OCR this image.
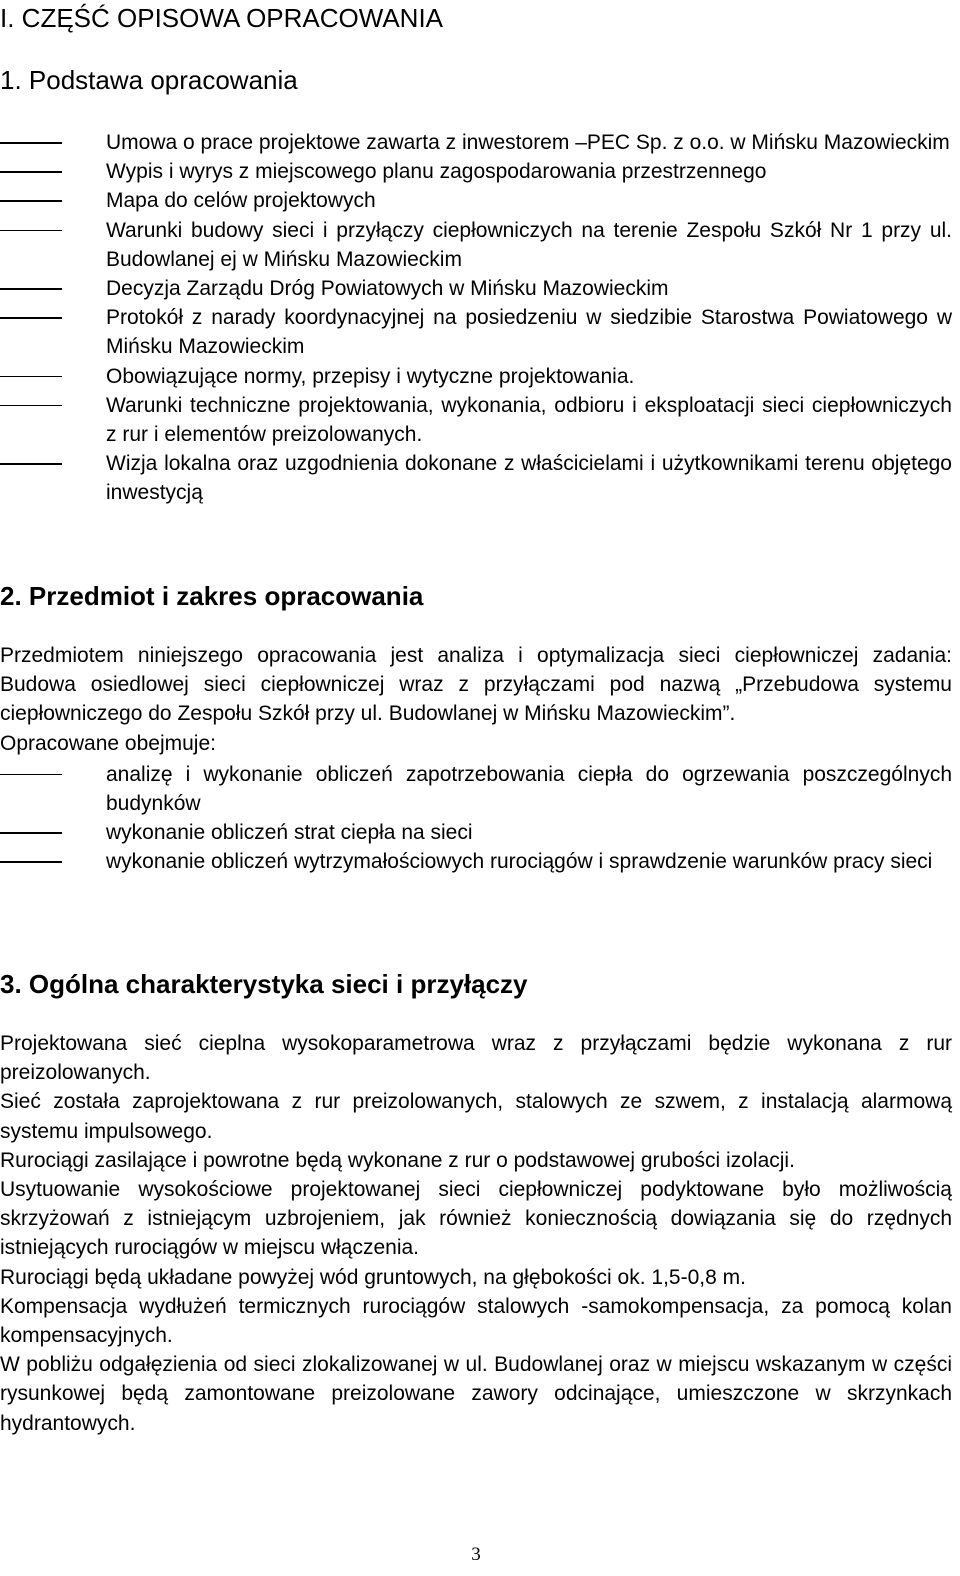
I. CZĘŚĆ OPISOWA OPRACOWANIA
1. Podstawa opracowania
Umowa o prace projektowe zawarta z inwestorem –PEC Sp. z o.o. w Mińsku Mazowieckim
Wypis i wyrys z miejscowego planu zagospodarowania przestrzennego
Mapa do celów projektowych
Warunki budowy sieci i przyłączy ciepłowniczych na terenie Zespołu Szkół Nr 1 przy ul. Budowlanej ej w Mińsku Mazowieckim
Decyzja Zarządu Dróg Powiatowych w Mińsku Mazowieckim
Protokół z narady koordynacyjnej na posiedzeniu w siedzibie Starostwa Powiatowego w Mińsku Mazowieckim
Obowiązujące normy, przepisy i wytyczne projektowania.
Warunki techniczne projektowania, wykonania, odbioru i eksploatacji sieci ciepłowniczych z rur i elementów preizolowanych.
Wizja lokalna oraz uzgodnienia dokonane z właścicielami i użytkownikami terenu objętego inwestycją
2. Przedmiot i zakres opracowania

Przedmiotem niniejszego opracowania jest analiza i optymalizacja sieci ciepłowniczej zadania: Budowa osiedlowej sieci ciepłowniczej wraz z przyłączami pod nazwą „Przebudowa systemu ciepłowniczego do Zespołu Szkół przy ul. Budowlanej w Mińsku Mazowieckim”.

Opracowane obejmuje:

analizę i wykonanie obliczeń zapotrzebowania ciepła do ogrzewania poszczególnych budynków
wykonanie obliczeń strat ciepła na sieci
wykonanie obliczeń wytrzymałościowych rurociągów i sprawdzenie warunków pracy sieci
3. Ogólna charakterystyka sieci i przyłączy

Projektowana sieć cieplna wysokoparametrowa wraz z przyłączami będzie wykonana z rur preizolowanych.

Sieć została zaprojektowana z rur preizolowanych, stalowych ze szwem, z instalacją alarmową systemu impulsowego.

Rurociągi zasilające i powrotne będą wykonane z rur o podstawowej grubości izolacji.

Usytuowanie wysokościowe projektowanej sieci ciepłowniczej podyktowane było możliwością skrzyżowań z istniejącym uzbrojeniem, jak również koniecznością dowiązania się do rzędnych istniejących rurociągów w miejscu włączenia.

Rurociągi będą układane powyżej wód gruntowych, na głębokości ok. 1,5-0,8 m.

Kompensacja wydłużeń termicznych rurociągów stalowych -samokompensacja, za pomocą kolan kompensacyjnych.

W pobliżu odgałęzienia od sieci zlokalizowanej w ul. Budowlanej oraz w miejscu wskazanym w części rysunkowej będą zamontowane preizolowane zawory odcinające, umieszczone w skrzynkach hydrantowych.

3
